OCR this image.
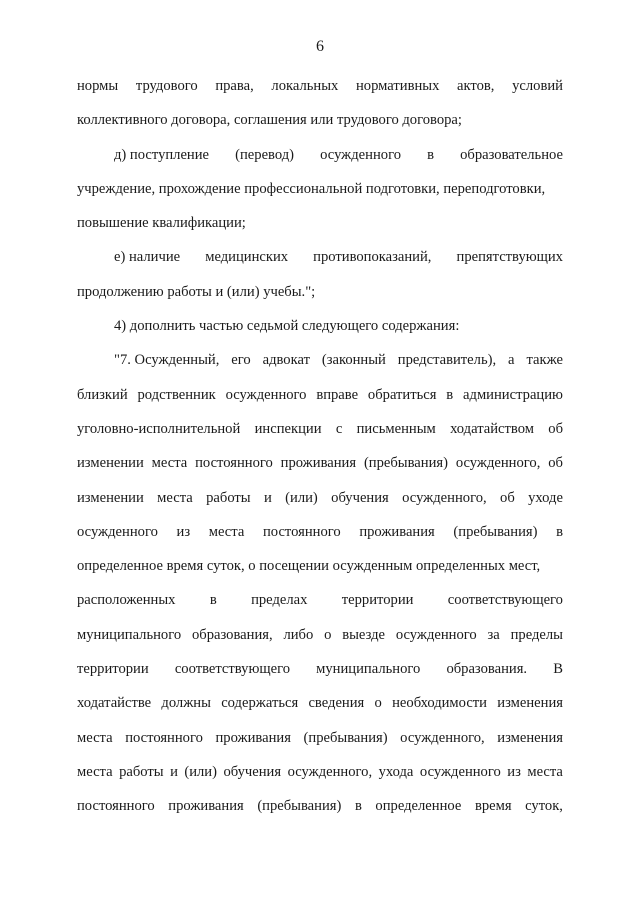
6
нормы трудового права, локальных нормативных актов, условий
коллективного договора, соглашения или трудового договора;
д) поступление (перевод) осужденного в образовательное
учреждение, прохождение профессиональной подготовки, переподготовки,
повышение квалификации;
е) наличие медицинских противопоказаний, препятствующих
продолжению работы и (или) учебы.";
4) дополнить частью седьмой следующего содержания:
"7. Осужденный, его адвокат (законный представитель), а также
близкий родственник осужденного вправе обратиться в администрацию
уголовно-исполнительной инспекции с письменным ходатайством об
изменении места постоянного проживания (пребывания) осужденного, об
изменении места работы и (или) обучения осужденного, об уходе
осужденного из места постоянного проживания (пребывания) в
определенное время суток, о посещении осужденным определенных мест,
расположенных в пределах территории соответствующего
муниципального образования, либо о выезде осужденного за пределы
территории соответствующего муниципального образования. В
ходатайстве должны содержаться сведения о необходимости изменения
места постоянного проживания (пребывания) осужденного, изменения
места работы и (или) обучения осужденного, ухода осужденного из места
постоянного проживания (пребывания) в определенное время суток,
